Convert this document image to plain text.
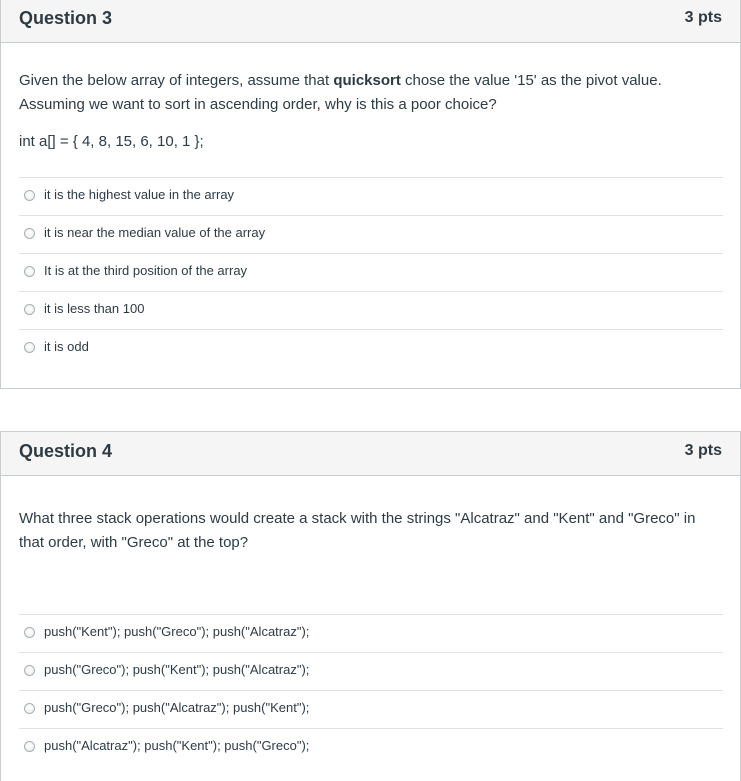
Question 3	3 pts
Given the below array of integers, assume that quicksort chose the value '15' as the pivot value. Assuming we want to sort in ascending order, why is this a poor choice?
int a[] = { 4, 8, 15, 6, 10, 1 };
it is the highest value in the array
it is near the median value of the array
It is at the third position of the array
it is less than 100
it is odd
Question 4	3 pts
What three stack operations would create a stack with the strings "Alcatraz" and "Kent" and "Greco" in that order, with "Greco" at the top?
push("Kent"); push("Greco"); push("Alcatraz");
push("Greco"); push("Kent"); push("Alcatraz");
push("Greco"); push("Alcatraz"); push("Kent");
push("Alcatraz"); push("Kent"); push("Greco");
